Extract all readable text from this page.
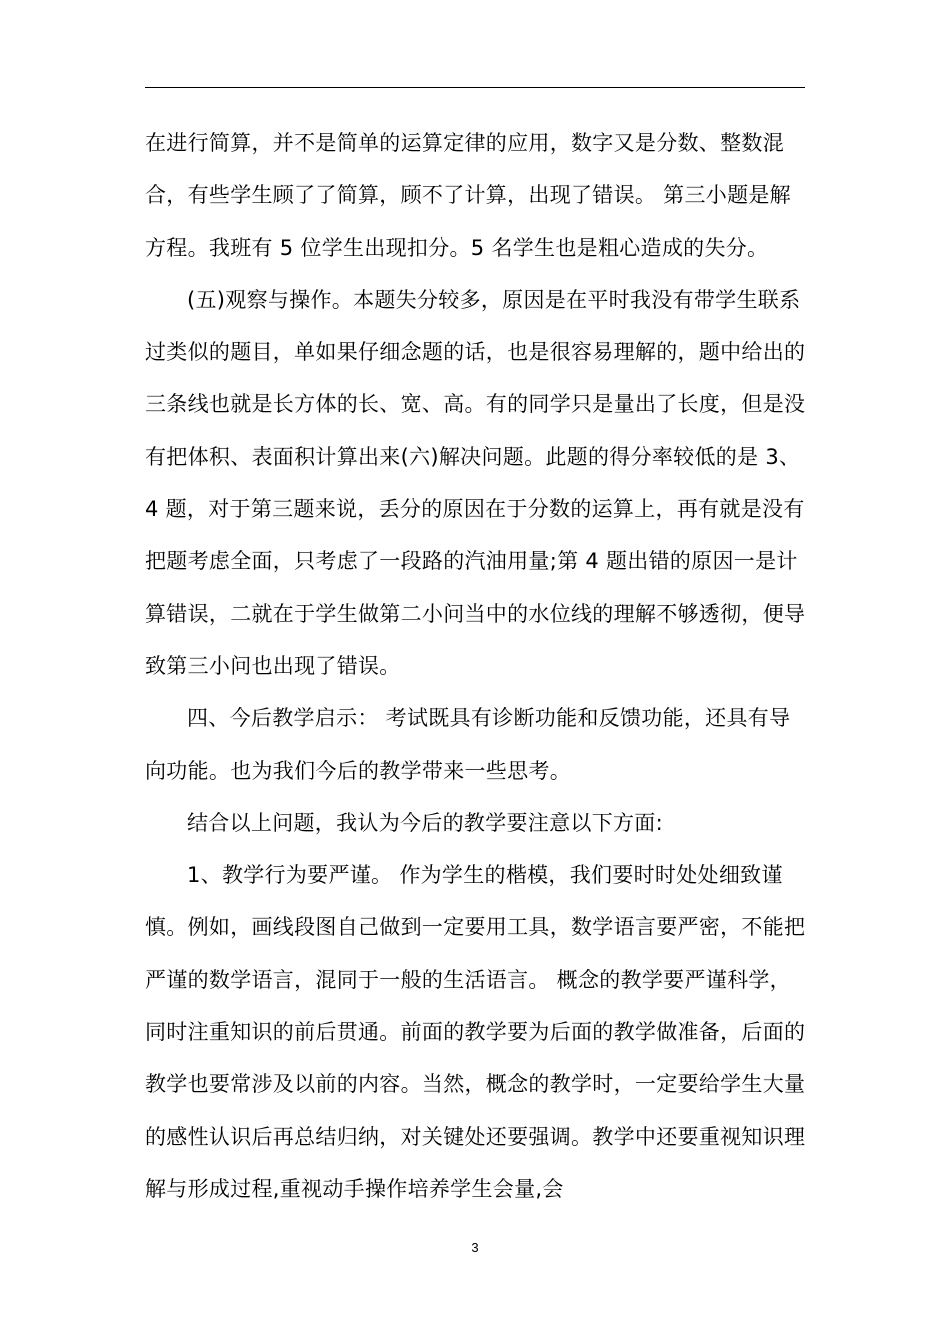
在进行简算，并不是简单的运算定律的应用，数字又是分数、整数混合，有些学生顾了了简算，顾不了计算，出现了错误。 第三小题是解方程。我班有 5 位学生出现扣分。5 名学生也是粗心造成的失分。

(五)观察与操作。本题失分较多，原因是在平时我没有带学生联系过类似的题目，单如果仔细念题的话，也是很容易理解的，题中给出的三条线也就是长方体的长、宽、高。有的同学只是量出了长度，但是没有把体积、表面积计算出来(六)解决问题。此题的得分率较低的是 3、4 题，对于第三题来说，丢分的原因在于分数的运算上，再有就是没有把题考虑全面，只考虑了一段路的汽油用量;第 4 题出错的原因一是计算错误，二就在于学生做第二小问当中的水位线的理解不够透彻，便导致第三小问也出现了错误。

四、今后教学启示： 考试既具有诊断功能和反馈功能，还具有导向功能。也为我们今后的教学带来一些思考。

结合以上问题，我认为今后的教学要注意以下方面:

1、教学行为要严谨。 作为学生的楷模，我们要时时处处细致谨慎。例如，画线段图自己做到一定要用工具，数学语言要严密，不能把严谨的数学语言，混同于一般的生活语言。 概念的教学要严谨科学，同时注重知识的前后贯通。前面的教学要为后面的教学做准备，后面的教学也要常涉及以前的内容。当然，概念的教学时，一定要给学生大量的感性认识后再总结归纳，对关键处还要强调。教学中还要重视知识理解与形成过程,重视动手操作培养学生会量,会

3
